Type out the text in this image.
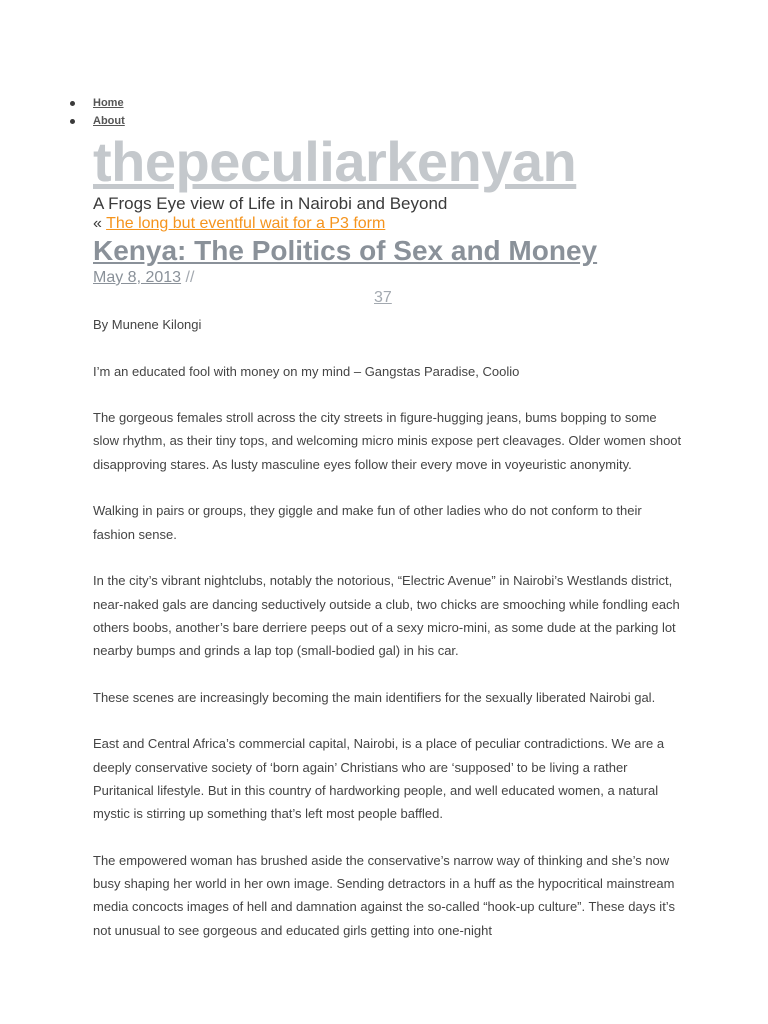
Home
About
thepeculiarkenyan
A Frogs Eye view of Life in Nairobi and Beyond
« The long but eventful wait for a P3 form
Kenya: The Politics of Sex and Money
May 8, 2013 //
37

By Munene Kilongi

I’m an educated fool with money on my mind – Gangstas Paradise, Coolio

The gorgeous females stroll across the city streets in figure-hugging jeans, bums bopping to some slow rhythm, as their tiny tops, and welcoming micro minis expose pert cleavages. Older women shoot disapproving stares. As lusty masculine eyes follow their every move in voyeuristic anonymity.

Walking in pairs or groups, they giggle and make fun of other ladies who do not conform to their fashion sense.

In the city’s vibrant nightclubs, notably the notorious, “Electric Avenue” in Nairobi’s Westlands district, near-naked gals are dancing seductively outside a club, two chicks are smooching while fondling each others boobs, another’s bare derriere peeps out of a sexy micro-mini, as some dude at the parking lot nearby bumps and grinds a lap top (small-bodied gal) in his car.

These scenes are increasingly becoming the main identifiers for the sexually liberated Nairobi gal.

East and Central Africa’s commercial capital, Nairobi, is a place of peculiar contradictions. We are a deeply conservative society of ‘born again’ Christians who are ‘supposed’ to be living a rather Puritanical lifestyle. But in this country of hardworking people, and well educated women, a natural mystic is stirring up something that’s left most people baffled.

The empowered woman has brushed aside the conservative’s narrow way of thinking and she’s now busy shaping her world in her own image. Sending detractors in a huff as the hypocritical mainstream media concocts images of hell and damnation against the so-called “hook-up culture”. These days it’s not unusual to see gorgeous and educated girls getting into one-night
